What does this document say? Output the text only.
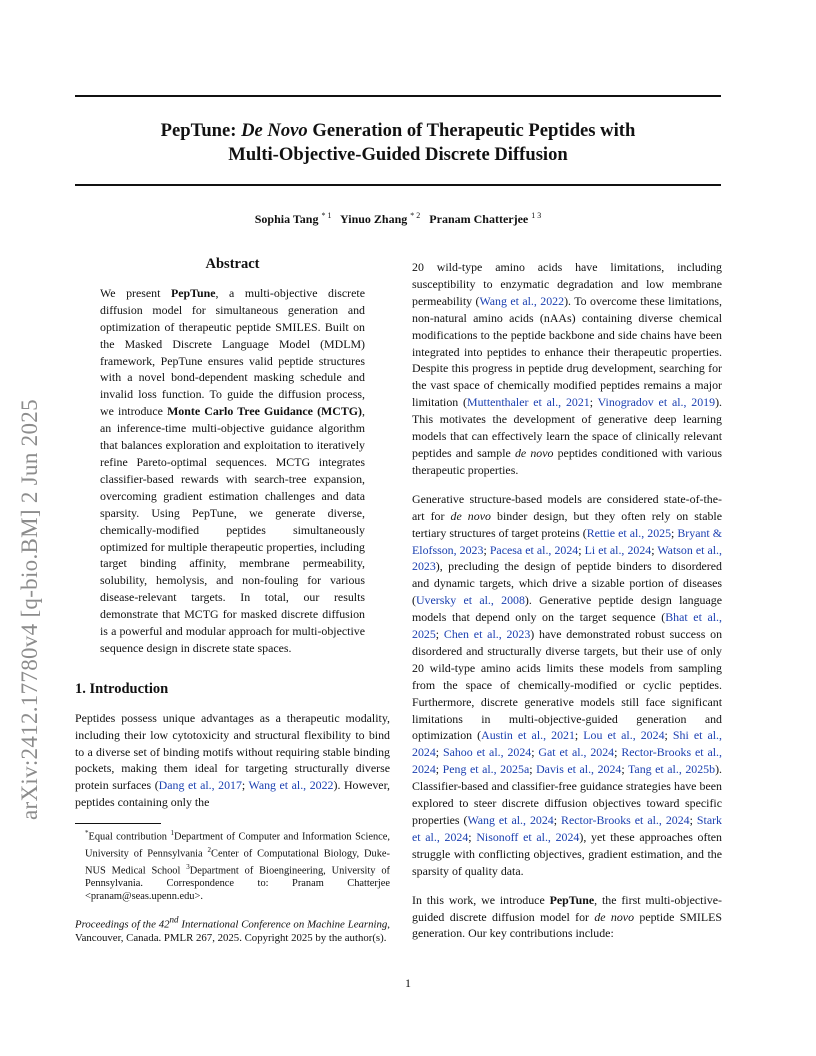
PepTune: De Novo Generation of Therapeutic Peptides with
Multi-Objective-Guided Discrete Diffusion
Sophia Tang $^{* 1}$ Yinuo Zhang $^{* 2}$ Pranam Chatterjee $^{1 3}$
arXiv:2412.17780v4 [q-bio.BM] 2 Jun 2025
Abstract

We present PepTune, a multi-objective discrete diffusion model for simultaneous generation and optimization of therapeutic peptide SMILES. Built on the Masked Discrete Language Model (MDLM) framework, PepTune ensures valid peptide structures with a novel bond-dependent masking schedule and invalid loss function. To guide the diffusion process, we introduce Monte Carlo Tree Guidance (MCTG), an inference-time multi-objective guidance algorithm that balances exploration and exploitation to iteratively refine Pareto-optimal sequences. MCTG integrates classifier-based rewards with search-tree expansion, overcoming gradient estimation challenges and data sparsity. Using PepTune, we generate diverse, chemically-modified peptides simultaneously optimized for multiple therapeutic properties, including target binding affinity, membrane permeability, solubility, hemolysis, and non-fouling for various disease-relevant targets. In total, our results demonstrate that MCTG for masked discrete diffusion is a powerful and modular approach for multi-objective sequence design in discrete state spaces.

1. Introduction

Peptides possess unique advantages as a therapeutic modality, including their low cytotoxicity and structural flexibility to bind to a diverse set of binding motifs without requiring stable binding pockets, making them ideal for targeting structurally diverse protein surfaces (Dang et al., 2017; Wang et al., 2022). However, peptides containing only the

*Equal contribution $^1$Department of Computer and Information Science, University of Pennsylvania $^2$Center of Computational Biology, Duke-NUS Medical School $^3$Department of Bioengineering, University of Pennsylvania. Correspondence to: Pranam Chatterjee <pranam@seas.upenn.edu>.

Proceedings of the 42nd International Conference on Machine Learning, Vancouver, Canada. PMLR 267, 2025. Copyright 2025 by the author(s).

20 wild-type amino acids have limitations, including susceptibility to enzymatic degradation and low membrane permeability (Wang et al., 2022). To overcome these limitations, non-natural amino acids (nAAs) containing diverse chemical modifications to the peptide backbone and side chains have been integrated into peptides to enhance their therapeutic properties. Despite this progress in peptide drug development, searching for the vast space of chemically modified peptides remains a major limitation (Muttenthaler et al., 2021; Vinogradov et al., 2019). This motivates the development of generative deep learning models that can effectively learn the space of clinically relevant peptides and sample de novo peptides conditioned with various therapeutic properties.

Generative structure-based models are considered state-of-the-art for de novo binder design, but they often rely on stable tertiary structures of target proteins (Rettie et al., 2025; Bryant & Elofsson, 2023; Pacesa et al., 2024; Li et al., 2024; Watson et al., 2023), precluding the design of peptide binders to disordered and dynamic targets, which drive a sizable portion of diseases (Uversky et al., 2008). Generative peptide design language models that depend only on the target sequence (Bhat et al., 2025; Chen et al., 2023) have demonstrated robust success on disordered and structurally diverse targets, but their use of only 20 wild-type amino acids limits these models from sampling from the space of chemically-modified or cyclic peptides. Furthermore, discrete generative models still face significant limitations in multi-objective-guided generation and optimization (Austin et al., 2021; Lou et al., 2024; Shi et al., 2024; Sahoo et al., 2024; Gat et al., 2024; Rector-Brooks et al., 2024; Peng et al., 2025a; Davis et al., 2024; Tang et al., 2025b). Classifier-based and classifier-free guidance strategies have been explored to steer discrete diffusion objectives toward specific properties (Wang et al., 2024; Rector-Brooks et al., 2024; Stark et al., 2024; Nisonoff et al., 2024), yet these approaches often struggle with conflicting objectives, gradient estimation, and the sparsity of quality data.

In this work, we introduce PepTune, the first multi-objective-guided discrete diffusion model for de novo peptide SMILES generation. Our key contributions include:

1
